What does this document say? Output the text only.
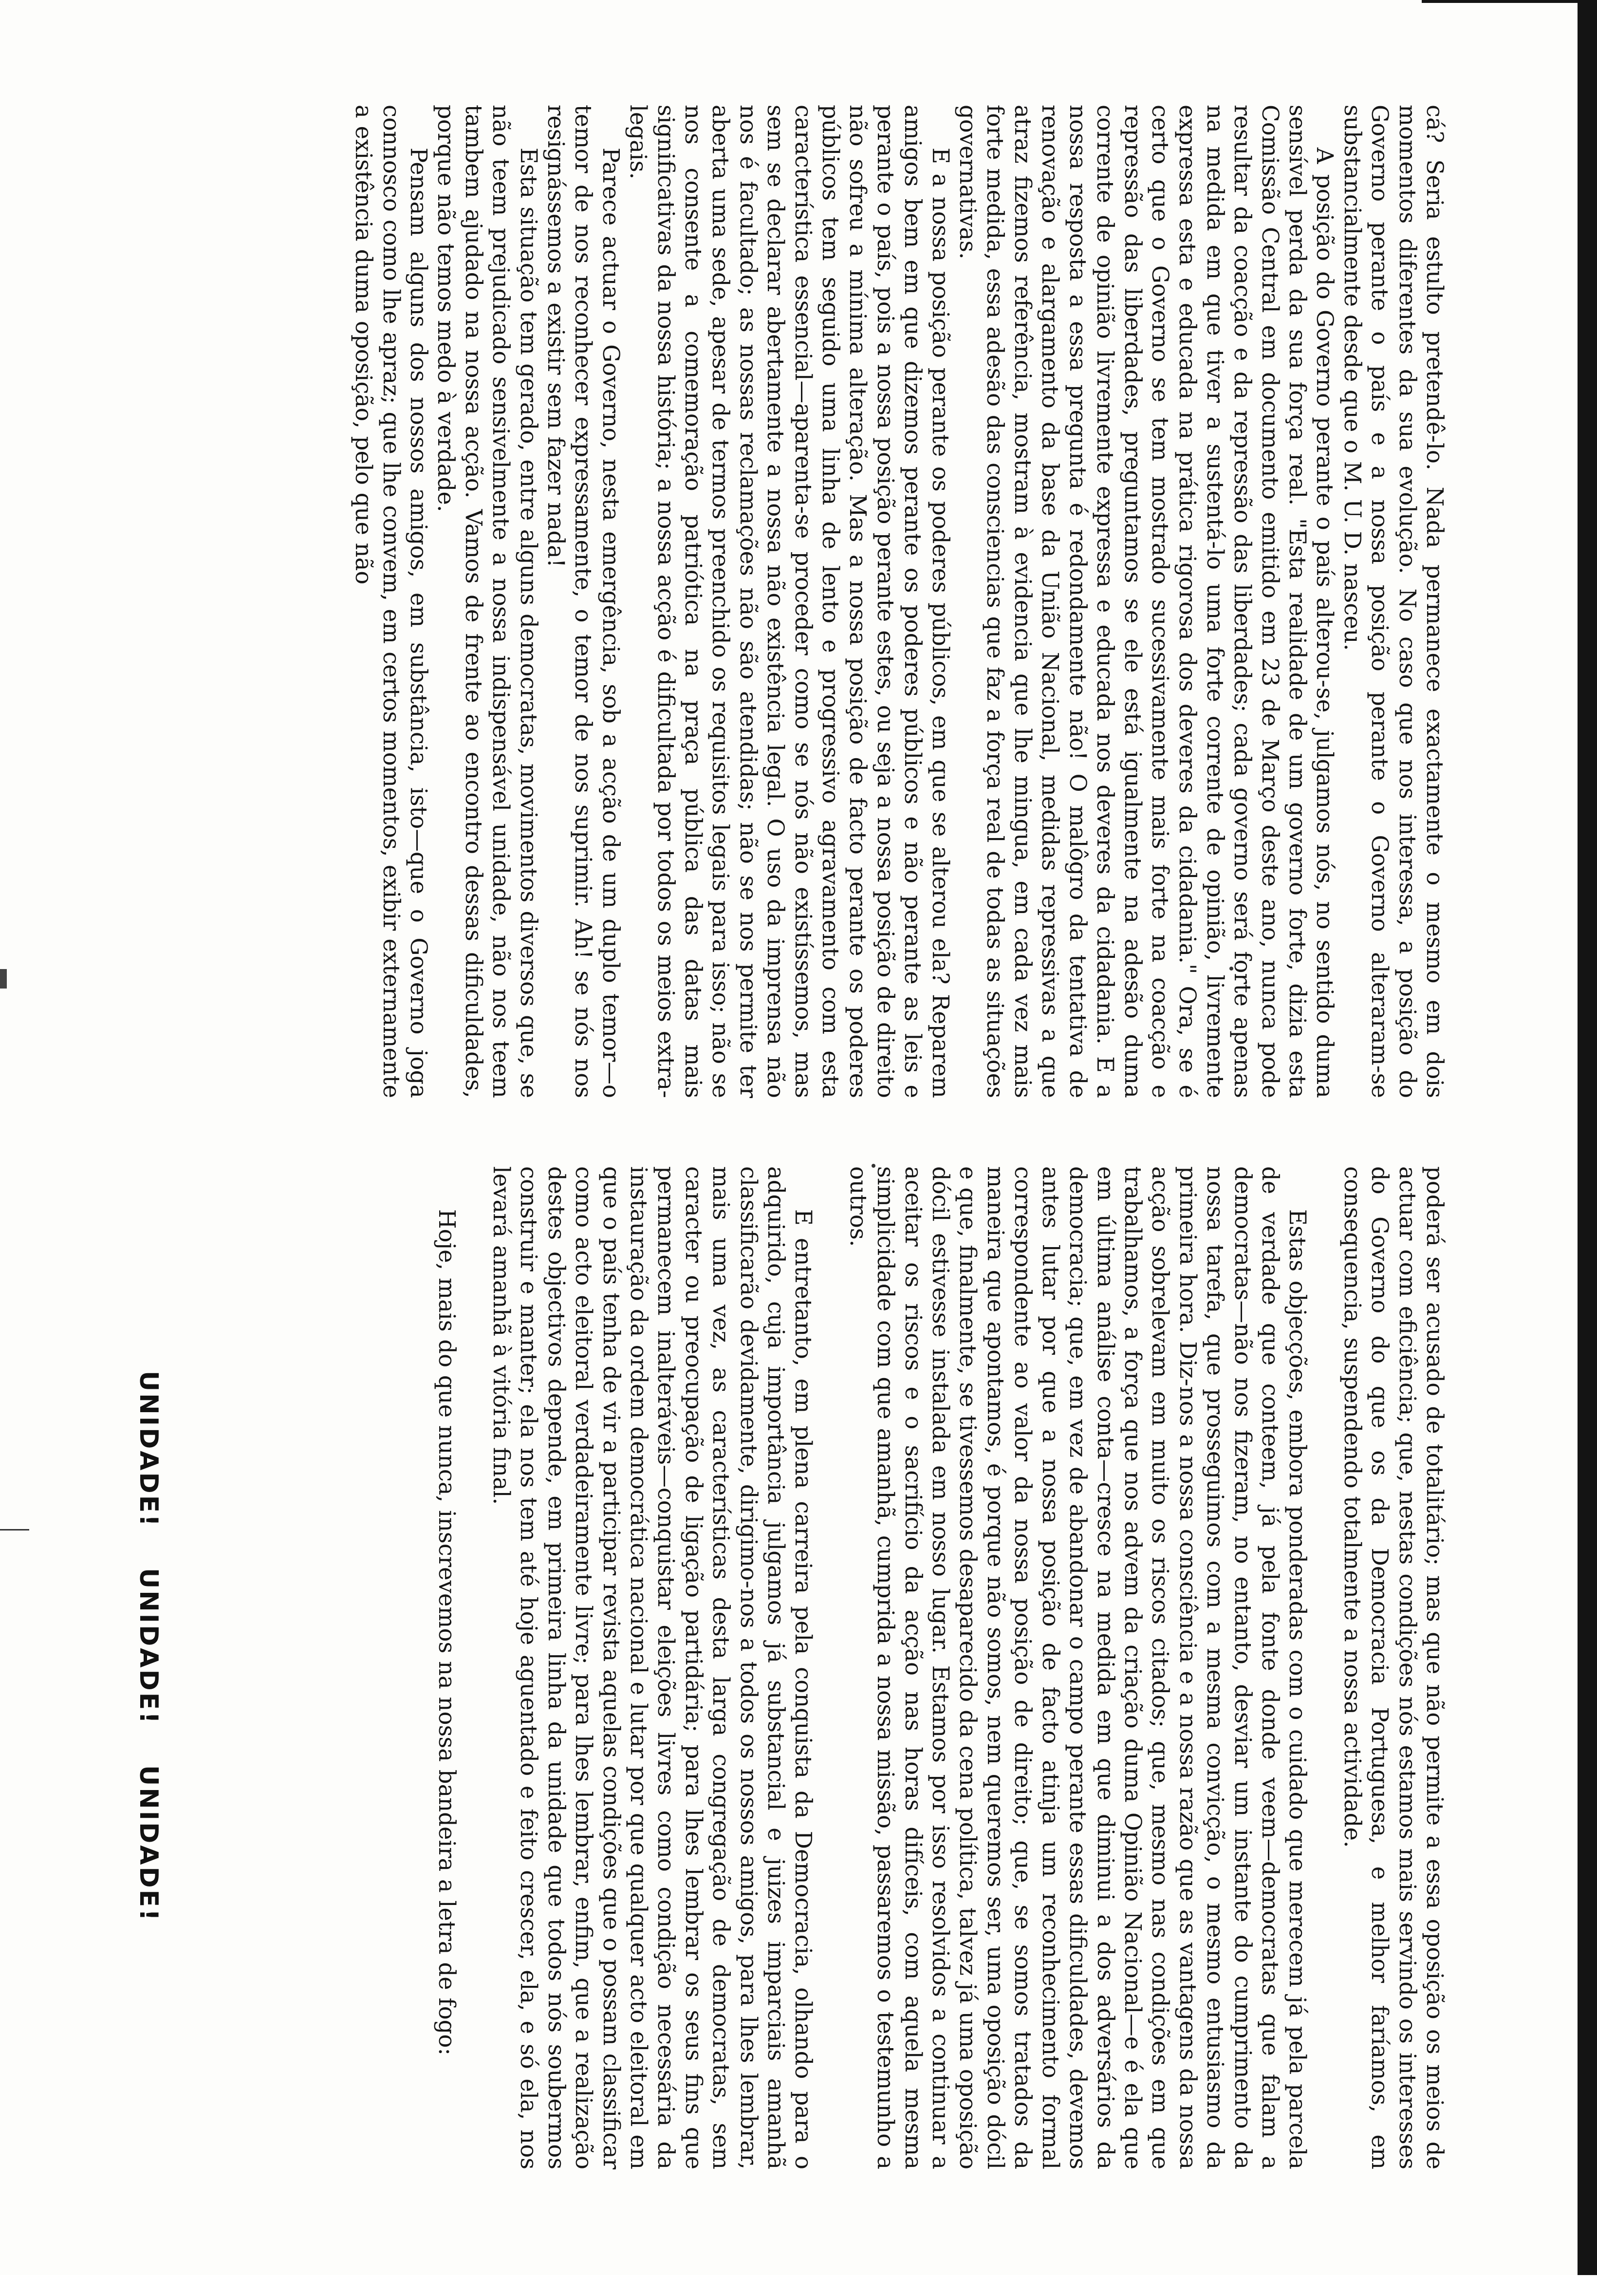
cá? Seria estulto pretendê-lo. Nada permanece exactamente o mesmo em dois momentos diferentes da sua evolução. No caso que nos interessa, a posição do Governo perante o país e a nossa posição perante o Governo alteraram-se substancialmente desde que o M. U. D. nasceu.

A posição do Governo perante o país alterou-se, julgamos nós, no sentido duma sensível perda da sua força real. "Esta realidade de um governo forte, dizia esta Comissão Central em documento emitido em 23 de Março deste ano, nunca pode resultar da coacção e da repressão das liberdades; cada governo será forte apenas na medida em que tiver a sustentá-lo uma forte corrente de opinião, livremente expressa esta e educada na prática rigorosa dos deveres da cidadania." Ora, se é certo que o Governo se tem mostrado sucessivamente mais forte na coacção e repressão das liberdades, preguntamos se ele está igualmente na adesão duma corrente de opinião livremente expressa e educada nos deveres da cidadania. E a nossa resposta a essa pregunta é redondamente não! O malôgro da tentativa de renovação e alargamento da base da União Nacional, medidas repressivas a que atraz fizemos referência, mostram à evidencia que lhe mingua, em cada vez mais forte medida, essa adesão das consciencias que faz a força real de todas as situações governativas.

E a nossa posição perante os poderes públicos, em que se alterou ela? Reparem amigos bem em que dizemos perante os poderes públicos e não perante as leis e perante o país, pois a nossa posição perante estes, ou seja a nossa posição de direito não sofreu a mínima alteração. Mas a nossa posição de facto perante os poderes públicos tem seguido uma linha de lento e progressivo agravamento com esta característica essencial—aparenta-se proceder como se nós não existíssemos, mas sem se declarar abertamente a nossa não existência legal. O uso da imprensa não nos é facultado; as nossas reclamações não são atendidas; não se nos permite ter aberta uma sede, apesar de termos preenchido os requisitos legais para isso; não se nos consente a comemoração patriótica na praça pública das datas mais significativas da nossa história; a nossa acção é dificultada por todos os meios extra-legais.

Parece actuar o Governo, nesta emergência, sob a acção de um duplo temor—o temor de nos reconhecer expressamente, o temor de nos suprimir. Ah! se nós nos resignássemos a existir sem fazer nada!

Esta situação tem gerado, entre alguns democratas, movimentos diversos que, se não teem prejudicado sensivelmente a nossa indispensável unidade, não nos teem tambem ajudado na nossa acção. Vamos de frente ao encontro dessas dificuldades, porque não temos medo à verdade.

Pensam alguns dos nossos amigos, em substância, isto—que o Governo joga connosco como lhe apraz; que lhe convem, em certos momentos, exibir externamente a existência duma oposição, pelo que não

poderá ser acusado de totalitário; mas que não permite a essa oposição os meios de actuar com eficiência; que, nestas condições nós estamos mais servindo os interesses do Governo do que os da Democracia Portuguesa, e melhor faríamos, em consequencia, suspendendo totalmente a nossa actividade.

Estas objecções, embora ponderadas com o cuidado que merecem já pela parcela de verdade que conteem, já pela fonte donde veem—democratas que falam a democratas—não nos fizeram, no entanto, desviar um instante do cumprimento da nossa tarefa, que prosseguimos com a mesma convicção, o mesmo entusiasmo da primeira hora. Diz-nos a nossa consciência e a nossa razão que as vantagens da nossa acção sobrelevam em muito os riscos citados; que, mesmo nas condições em que trabalhamos, a força que nos advem da criação duma Opinião Nacional—e é ela que em última análise conta—cresce na medida em que diminui a dos adversários da democracia; que, em vez de abandonar o campo perante essas dificuldades, devemos antes lutar por que a nossa posição de facto atinja um reconhecimento formal correspondente ao valor da nossa posição de direito; que, se somos tratados da maneira que apontamos, é porque não somos, nem queremos ser, uma oposição dócil e que, finalmente, se tivessemos desaparecido da cena política, talvez já uma oposição dócil estivesse instalada em nosso lugar. Estamos por isso resolvidos a continuar a aceitar os riscos e o sacrifício da acção nas horas difíceis, com aquela mesma simplicidade com que amanhã, cumprida a nossa missão, passaremos o testemunho a outros.

E entretanto, em plena carreira pela conquista da Democracia, olhando para o adquirido, cuja importância julgamos já substancial e juizes imparciais amanhã classificarão devidamente, dirigimo-nos a todos os nossos amigos, para lhes lembrar, mais uma vez, as características desta larga congregação de democratas, sem caracter ou preocupação de ligação partidária; para lhes lembrar os seus fins que permanecem inalteráveis—conquistar eleições livres como condição necessária da instauração da ordem democrática nacional e lutar por que qualquer acto eleitoral em que o país tenha de vir a participar revista aquelas condições que o possam classificar como acto eleitoral verdadeiramente livre; para lhes lembrar, enfim, que a realização destes objectivos depende, em primeira linha da unidade que todos nós soubermos construir e manter; ela nos tem até hoje aguentado e feito crescer, ela, e só ela, nos levará amanhã à vitória final.

Hoje, mais do que nunca, inscrevemos na nossa bandeira a letra de fogo:

UNIDADE! UNIDADE! UNIDADE!
